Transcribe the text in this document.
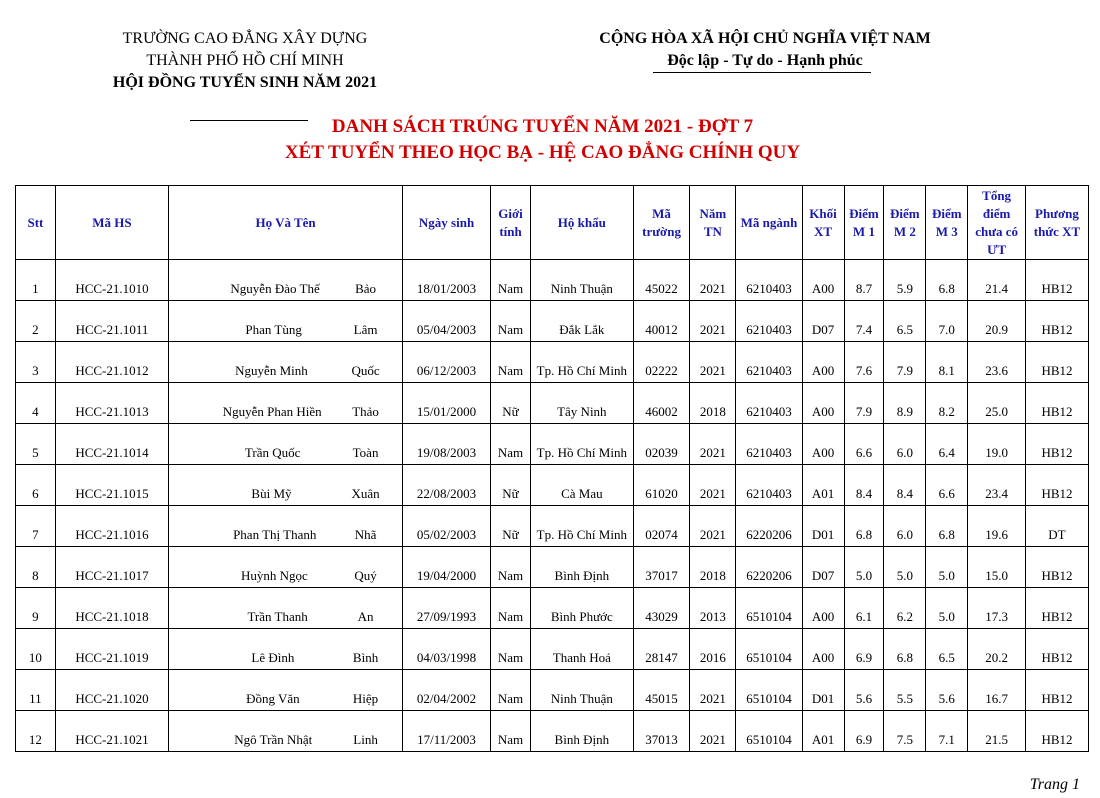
TRƯỜNG CAO ĐẲNG XÂY DỰNG
THÀNH PHỐ HỒ CHÍ MINH
HỘI ĐỒNG TUYỂN SINH NĂM 2021
CỘNG HÒA XÃ HỘI CHỦ NGHĨA VIỆT NAM
Độc lập - Tự do - Hạnh phúc
DANH SÁCH TRÚNG TUYỂN NĂM 2021 - ĐỢT 7
XÉT TUYỂN THEO HỌC BẠ - HỆ CAO ĐẲNG CHÍNH QUY
Stt	Mã HS	Họ Và Tên	Ngày sinh	Giới tính	Hộ khẩu	Mã trường	Năm TN	Mã ngành	Khối XT	Điểm M 1	Điểm M 2	Điểm M 3	Tổng điểm chưa có ƯT	Phương thức XT
1	HCC-21.1010	Nguyễn Đào Thế Bảo	18/01/2003	Nam	Ninh Thuận	45022	2021	6210403	A00	8.7	5.9	6.8	21.4	HB12
2	HCC-21.1011	Phan Tùng Lâm	05/04/2003	Nam	Đắk Lắk	40012	2021	6210403	D07	7.4	6.5	7.0	20.9	HB12
3	HCC-21.1012	Nguyễn Minh Quốc	06/12/2003	Nam	Tp. Hồ Chí Minh	02222	2021	6210403	A00	7.6	7.9	8.1	23.6	HB12
4	HCC-21.1013	Nguyễn Phan Hiền Thảo	15/01/2000	Nữ	Tây Ninh	46002	2018	6210403	A00	7.9	8.9	8.2	25.0	HB12
5	HCC-21.1014	Trần Quốc Toàn	19/08/2003	Nam	Tp. Hồ Chí Minh	02039	2021	6210403	A00	6.6	6.0	6.4	19.0	HB12
6	HCC-21.1015	Bùi Mỹ Xuân	22/08/2003	Nữ	Cà Mau	61020	2021	6210403	A01	8.4	8.4	6.6	23.4	HB12
7	HCC-21.1016	Phan Thị Thanh Nhã	05/02/2003	Nữ	Tp. Hồ Chí Minh	02074	2021	6220206	D01	6.8	6.0	6.8	19.6	DT
8	HCC-21.1017	Huỳnh Ngọc Quý	19/04/2000	Nam	Bình Định	37017	2018	6220206	D07	5.0	5.0	5.0	15.0	HB12
9	HCC-21.1018	Trần Thanh An	27/09/1993	Nam	Bình Phước	43029	2013	6510104	A00	6.1	6.2	5.0	17.3	HB12
10	HCC-21.1019	Lê Đình Bình	04/03/1998	Nam	Thanh Hoá	28147	2016	6510104	A00	6.9	6.8	6.5	20.2	HB12
11	HCC-21.1020	Đồng Văn Hiệp	02/04/2002	Nam	Ninh Thuận	45015	2021	6510104	D01	5.6	5.5	5.6	16.7	HB12
12	HCC-21.1021	Ngô Trần Nhật Linh	17/11/2003	Nam	Bình Định	37013	2021	6510104	A01	6.9	7.5	7.1	21.5	HB12
Trang 1
